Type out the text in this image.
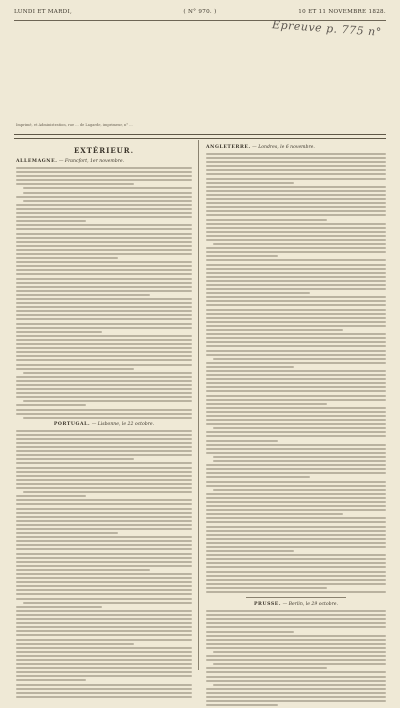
LUNDI ET MARDI,	( N° 970. )	10 ET 11 NOVEMBRE 1828.
Epreuve p. 775 n°
Imprimé, et Administration, rue ... de Lagarde, imprimeur, n° ...
EXTÉRIEUR.
ALLEMAGNE. — Francfort, 1er novembre.
PORTUGAL. — Lisbonne, le 22 octobre.
ANGLETERRE. — Londres, le 6 novembre.
PRUSSE. — Berlin, le 29 octobre.
